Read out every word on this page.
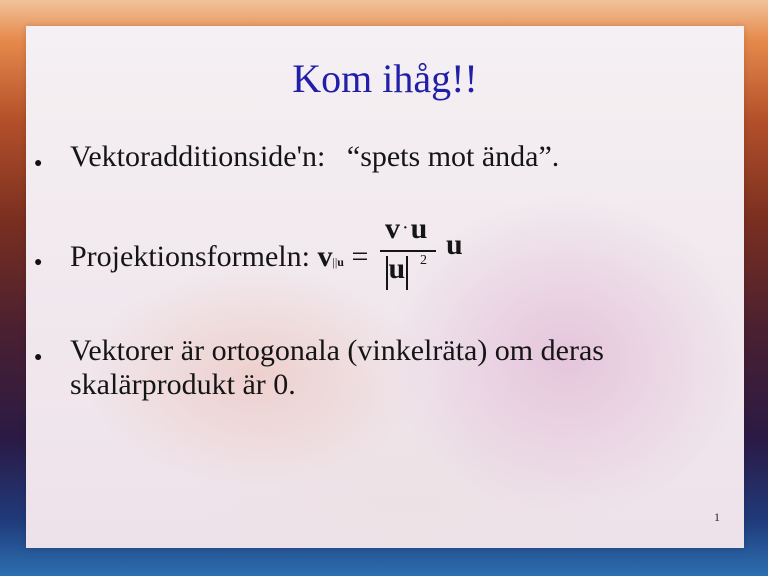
Kom ihåg!!
● Vektoradditionside'n: “spets mot ända”.
● Projektionsformeln: v||u =
v ·u
u 2 u
● Vektorer är ortogonala (vinkelräta) om deras
skalärprodukt är 0.
1
